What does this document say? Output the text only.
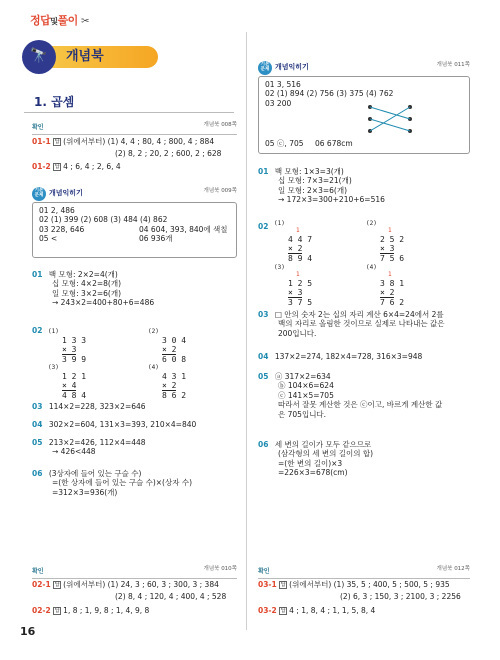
정답및풀이 ✂
🔭	개념북
1. 곱셈
확인	개념북 008쪽
01-1 답 (위에서부터) (1) 4, 4 ; 80, 4 ; 800, 4 ; 884
(2) 8, 2 ; 20, 2 ; 600, 2 ; 628
01-2 답 4 ; 6, 4 ; 2, 6, 4
기본 문제 개념익히기	개념북 009쪽
01 2, 486
02 (1) 399 (2) 608 (3) 484 (4) 862
03 228, 646	04 604, 393, 840에 색칠
05 <	06 936개
01 백 모형: 2×2=4(개)
십 모형: 4×2=8(개)
일 모형: 3×2=6(개)
→ 243×2=400+80+6=486
02 (1)
1 3 3
× 3
3 9 9
(2)
3 0 4
× 2
6 0 8
(3)
1 2 1
× 4
4 8 4
(4)
4 3 1
× 2
8 6 2
03 114×2=228, 323×2=646
04 302×2=604, 131×3=393, 210×4=840
05 213×2=426, 112×4=448
→ 426<448
06 (3상자에 들어 있는 구슬 수)
=(한 상자에 들어 있는 구슬 수)×(상자 수)
=312×3=936(개)
확인	개념북 010쪽
02-1 답 (위에서부터) (1) 24, 3 ; 60, 3 ; 300, 3 ; 384
(2) 8, 4 ; 120, 4 ; 400, 4 ; 528
02-2 답 1, 8 ; 1, 9, 8 ; 1, 4, 9, 8
16
기본 문제 개념익히기	개념북 011쪽
01 3, 516
02 (1) 894 (2) 756 (3) 375 (4) 762
03 200
05 ⓒ, 705 06 678cm
01 백 모형: 1×3=3(개)
십 모형: 7×3=21(개)
일 모형: 2×3=6(개)
→ 172×3=300+210+6=516
02 (1)
1
4 4 7
× 2
8 9 4
(2)
1
2 5 2
× 3
7 5 6
(3)
1
1 2 5
× 3
3 7 5
(4)
1
3 8 1
× 2
7 6 2
03 □ 안의 숫자 2는 십의 자리 계산 6×4=24에서 2를
백의 자리로 올림한 것이므로 실제로 나타내는 값은
200입니다.
04 137×2=274, 182×4=728, 316×3=948
05 ⓐ 317×2=634
ⓑ 104×6=624
ⓒ 141×5=705
따라서 잘못 계산한 것은 ⓒ이고, 바르게 계산한 값
은 705입니다.
06 세 변의 길이가 모두 같으므로
(삼각형의 세 변의 길이의 합)
=(한 변의 길이)×3
=226×3=678(cm)
확인	개념북 012쪽
03-1 답 (위에서부터) (1) 35, 5 ; 400, 5 ; 500, 5 ; 935
(2) 6, 3 ; 150, 3 ; 2100, 3 ; 2256
03-2 답 4 ; 1, 8, 4 ; 1, 1, 5, 8, 4
